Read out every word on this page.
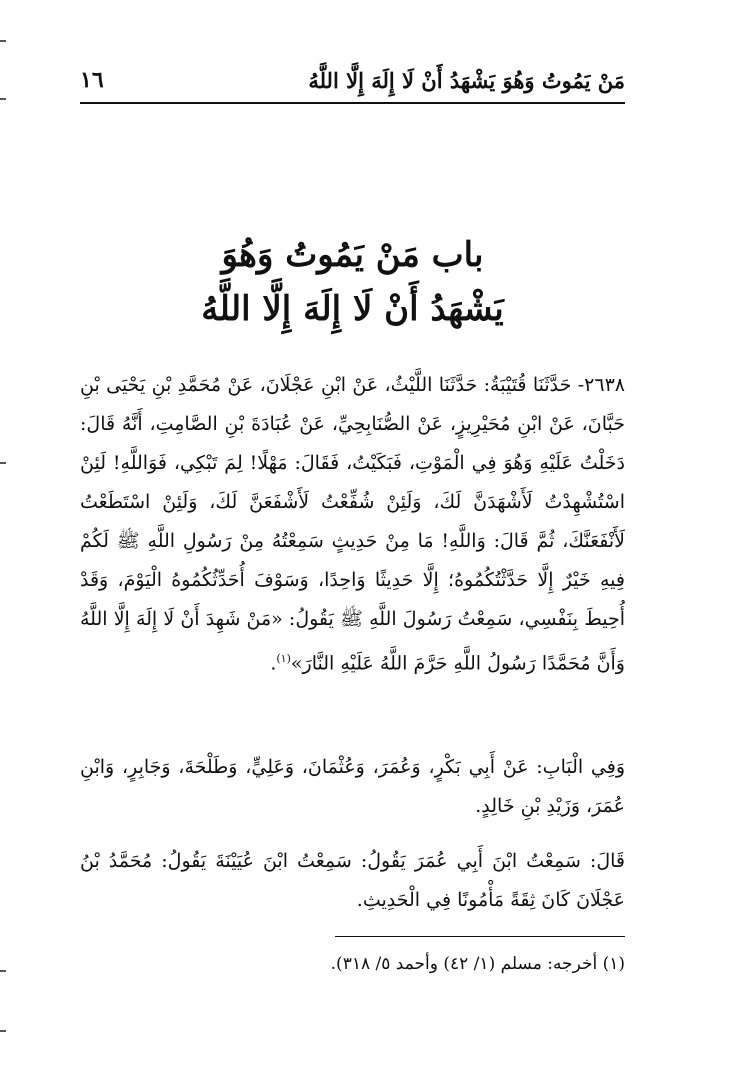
١٦	مَنْ يَمُوتُ وَهُوَ يَشْهَدُ أَنْ لَا إِلَهَ إِلَّا اللَّهُ
باب مَنْ يَمُوتُ وَهُوَ
يَشْهَدُ أَنْ لَا إِلَهَ إِلَّا اللَّهُ
٢٦٣٨- حَدَّثَنَا قُتَيْبَةُ: حَدَّثَنَا اللَّيْثُ، عَنْ ابْنِ عَجْلَانَ، عَنْ مُحَمَّدِ بْنِ يَحْيَى بْنِ حَبَّانَ، عَنْ ابْنِ مُحَيْرِيزٍ، عَنْ الصُّنَابِحِيِّ، عَنْ عُبَادَةَ بْنِ الصَّامِتِ، أَنَّهُ قَالَ: دَخَلْتُ عَلَيْهِ وَهُوَ فِي الْمَوْتِ، فَبَكَيْتُ، فَقَالَ: مَهْلًا! لِمَ تَبْكِي، فَوَاللَّهِ! لَئِنْ اسْتُشْهِدْتُ لَأَشْهَدَنَّ لَكَ، وَلَئِنْ شُفِّعْتُ لَأَشْفَعَنَّ لَكَ، وَلَئِنْ اسْتَطَعْتُ لَأَنْفَعَنَّكَ، ثُمَّ قَالَ: وَاللَّهِ! مَا مِنْ حَدِيثٍ سَمِعْتُهُ مِنْ رَسُولِ اللَّهِ ﷺ لَكُمْ فِيهِ خَيْرٌ إِلَّا حَدَّثْتُكُمُوهُ؛ إِلَّا حَدِيثًا وَاحِدًا، وَسَوْفَ أُحَدِّثُكُمُوهُ الْيَوْمَ، وَقَدْ أُحِيطَ بِنَفْسِي، سَمِعْتُ رَسُولَ اللَّهِ ﷺ يَقُولُ: «مَنْ شَهِدَ أَنْ لَا إِلَهَ إِلَّا اللَّهُ وَأَنَّ مُحَمَّدًا رَسُولُ اللَّهِ حَرَّمَ اللَّهُ عَلَيْهِ النَّارَ»$^{(١)}$.
وَفِي الْبَابِ: عَنْ أَبِي بَكْرٍ، وَعُمَرَ، وَعُثْمَانَ، وَعَلِيٍّ، وَطَلْحَةَ، وَجَابِرٍ، وَابْنِ عُمَرَ، وَزَيْدِ بْنِ خَالِدٍ.
قَالَ: سَمِعْتُ ابْنَ أَبِي عُمَرَ يَقُولُ: سَمِعْتُ ابْنَ عُيَيْنَةَ يَقُولُ: مُحَمَّدُ بْنُ عَجْلَانَ كَانَ ثِقَةً مَأْمُونًا فِي الْحَدِيثِ.
(١) أخرجه: مسلم (١/ ٤٢) وأحمد ٥/ ٣١٨).
